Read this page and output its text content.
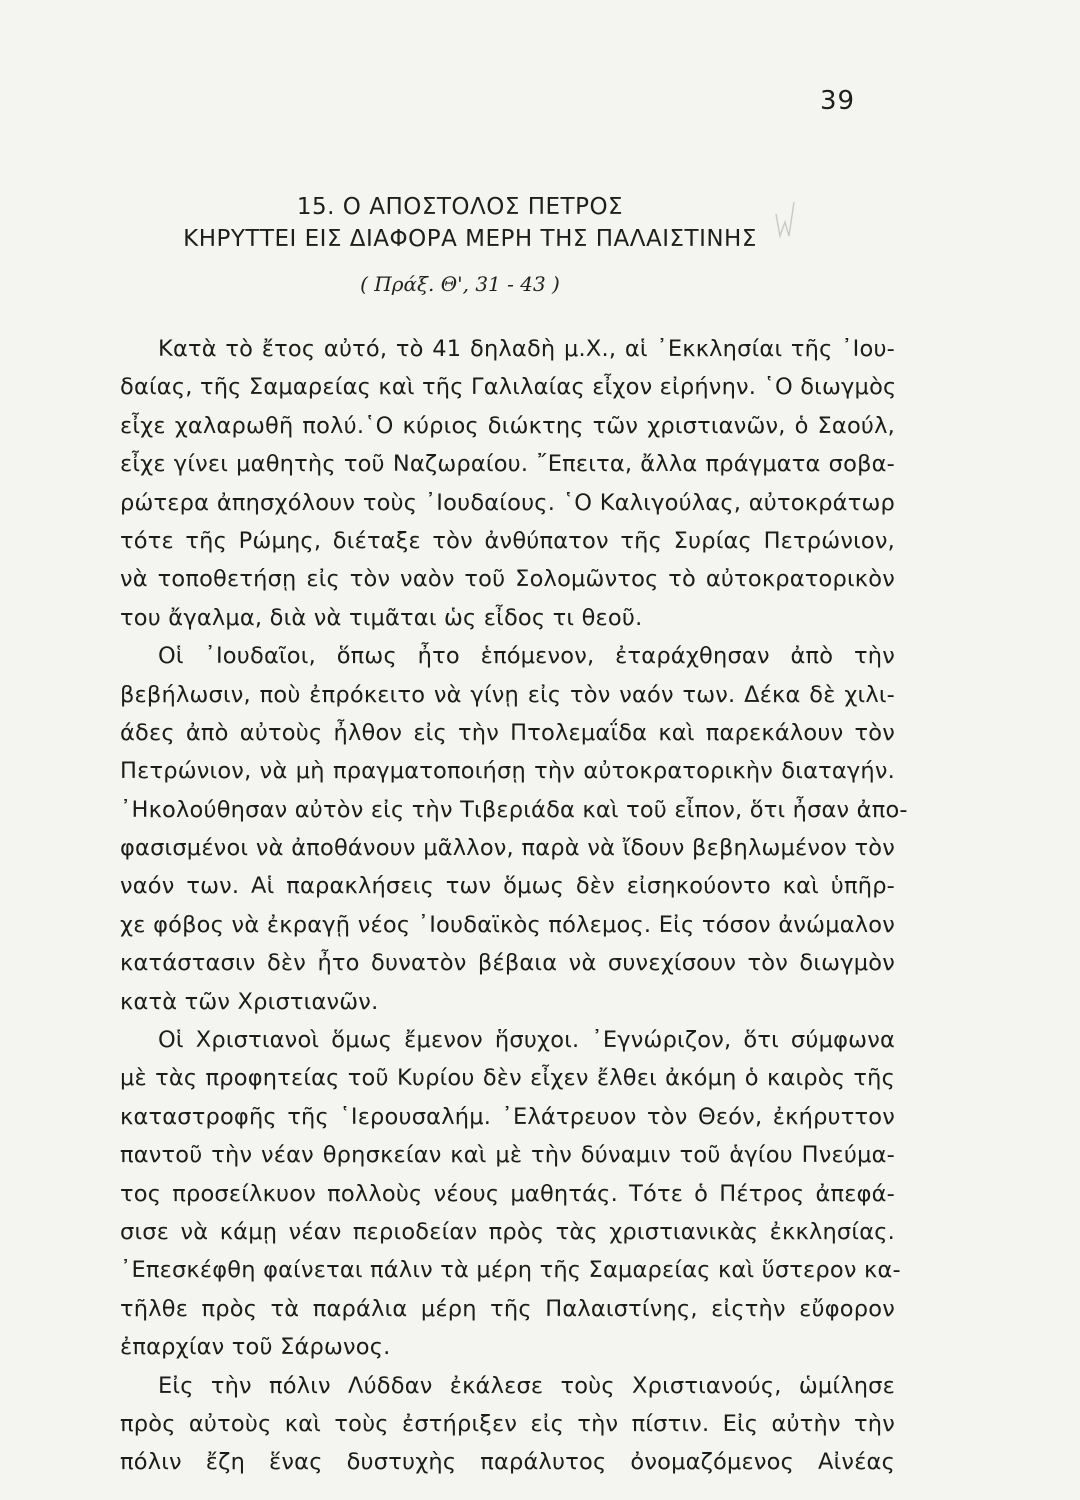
39
15. Ο ΑΠΟΣΤΟΛΟΣ ΠΕΤΡΟΣ
ΚΗΡΥΤΤΕΙ ΕΙΣ ΔΙΑΦΟΡΑ ΜΕΡΗ ΤΗΣ ΠΑΛΑΙΣΤΙΝΗΣ
( Πράξ. Θ', 31 - 43 )
Κατὰ τὸ ἔτος αὐτό, τὸ 41 δηλαδὴ μ.Χ., αἱ ᾿Εκκλησίαι τῆς ᾿Ιου-
δαίας, τῆς Σαμαρείας καὶ τῆς Γαλιλαίας εἶχον εἰρήνην. ῾Ο διωγμὸς
εἶχε χαλαρωθῆ πολύ.῾Ο κύριος διώκτης τῶν χριστιανῶν, ὁ Σαούλ,
εἶχε γίνει μαθητὴς τοῦ Ναζωραίου. ῎Επειτα, ἄλλα πράγματα σοβα-
ρώτερα ἀπησχόλουν τοὺς ᾿Ιουδαίους. ῾Ο Καλιγούλας, αὐτοκράτωρ
τότε τῆς Ρώμης, διέταξε τὸν ἀνθύπατον τῆς Συρίας Πετρώνιον,
νὰ τοποθετήσῃ εἰς τὸν ναὸν τοῦ Σολομῶντος τὸ αὐτοκρατορικὸν
του ἄγαλμα, διὰ νὰ τιμᾶται ὡς εἶδος τι θεοῦ.
Οἱ ᾿Ιουδαῖοι, ὅπως ἦτο ἑπόμενον, ἐταράχθησαν ἀπὸ τὴν
βεβήλωσιν, ποὺ ἐπρόκειτο νὰ γίνῃ εἰς τὸν ναόν των. Δέκα δὲ χιλι-
άδες ἀπὸ αὐτοὺς ἦλθον εἰς τὴν Πτολεμαΐδα καὶ παρεκάλουν τὸν
Πετρώνιον, νὰ μὴ πραγματοποιήσῃ τὴν αὐτοκρατορικὴν διαταγήν.
᾿Ηκολούθησαν αὐτὸν εἰς τὴν Τιβεριάδα καὶ τοῦ εἶπον, ὅτι ἦσαν ἀπο-
φασισμένοι νὰ ἀποθάνουν μᾶλλον, παρὰ νὰ ἴδουν βεβηλωμένον τὸν
ναόν των. Αἱ παρακλήσεις των ὅμως δὲν εἰσηκούοντο καὶ ὑπῆρ-
χε φόβος νὰ ἐκραγῇ νέος ᾿Ιουδαϊκὸς πόλεμος. Εἰς τόσον ἀνώμαλον
κατάστασιν δὲν ἦτο δυνατὸν βέβαια νὰ συνεχίσουν τὸν διωγμὸν
κατὰ τῶν Χριστιανῶν.
Οἱ Χριστιανοὶ ὅμως ἔμενον ἥσυχοι. ᾿Εγνώριζον, ὅτι σύμφωνα
μὲ τὰς προφητείας τοῦ Κυρίου δὲν εἶχεν ἔλθει ἀκόμη ὁ καιρὸς τῆς
καταστροφῆς τῆς ῾Ιερουσαλήμ. ᾿Ελάτρευον τὸν Θεόν, ἐκήρυττον
παντοῦ τὴν νέαν θρησκείαν καὶ μὲ τὴν δύναμιν τοῦ ἁγίου Πνεύμα-
τος προσείλκυον πολλοὺς νέους μαθητάς. Τότε ὁ Πέτρος ἀπεφά-
σισε νὰ κάμῃ νέαν περιοδείαν πρὸς τὰς χριστιανικὰς ἐκκλησίας.
᾿Επεσκέφθη φαίνεται πάλιν τὰ μέρη τῆς Σαμαρείας καὶ ὕστερον κα-
τῆλθε πρὸς τὰ παράλια μέρη τῆς Παλαιστίνης, εἰςτὴν εὔφορον
ἐπαρχίαν τοῦ Σάρωνος.
Εἰς τὴν πόλιν Λύδδαν ἐκάλεσε τοὺς Χριστιανούς, ὡμίλησε
πρὸς αὐτοὺς καὶ τοὺς ἐστήριξεν εἰς τὴν πίστιν. Εἰς αὐτὴν τὴν
πόλιν ἔζη ἕνας δυστυχὴς παράλυτος ὀνομαζόμενος Αἰνέας
